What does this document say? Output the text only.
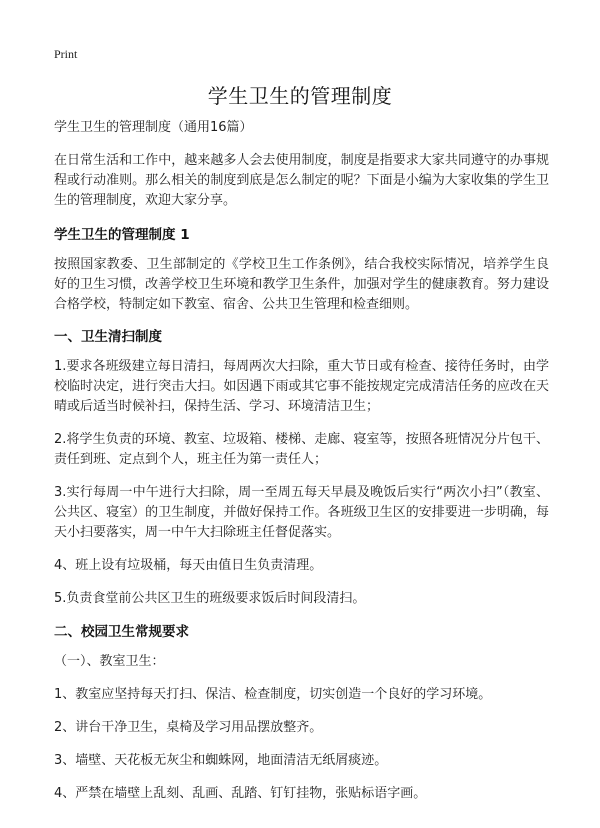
Print
学生卫生的管理制度

学生卫生的管理制度（通用16篇）

在日常生活和工作中，越来越多人会去使用制度，制度是指要求大家共同遵守的办事规程或行动准则。那么相关的制度到底是怎么制定的呢？下面是小编为大家收集的学生卫生的管理制度，欢迎大家分享。

学生卫生的管理制度 1

按照国家教委、卫生部制定的《学校卫生工作条例》，结合我校实际情况，培养学生良好的卫生习惯，改善学校卫生环境和教学卫生条件，加强对学生的健康教育。努力建设合格学校，特制定如下教室、宿舍、公共卫生管理和检查细则。

一、卫生清扫制度

1.要求各班级建立每日清扫，每周两次大扫除，重大节日或有检查、接待任务时，由学校临时决定，进行突击大扫。如因遇下雨或其它事不能按规定完成清洁任务的应改在天晴或后适当时候补扫，保持生活、学习、环境清洁卫生；

2.将学生负责的环境、教室、垃圾箱、楼梯、走廊、寝室等，按照各班情况分片包干、责任到班、定点到个人，班主任为第一责任人；

3.实行每周一中午进行大扫除，周一至周五每天早晨及晚饭后实行“两次小扫”（教室、公共区、寝室）的卫生制度，并做好保持工作。各班级卫生区的安排要进一步明确，每天小扫要落实，周一中午大扫除班主任督促落实。

4、班上设有垃圾桶，每天由值日生负责清理。

5.负责食堂前公共区卫生的班级要求饭后时间段清扫。

二、校园卫生常规要求

（一）、教室卫生：

1、教室应坚持每天打扫、保洁、检查制度，切实创造一个良好的学习环境。

2、讲台干净卫生，桌椅及学习用品摆放整齐。

3、墙壁、天花板无灰尘和蜘蛛网，地面清洁无纸屑痰迹。

4、严禁在墙壁上乱刻、乱画、乱踏、钉钉挂物，张贴标语字画。
